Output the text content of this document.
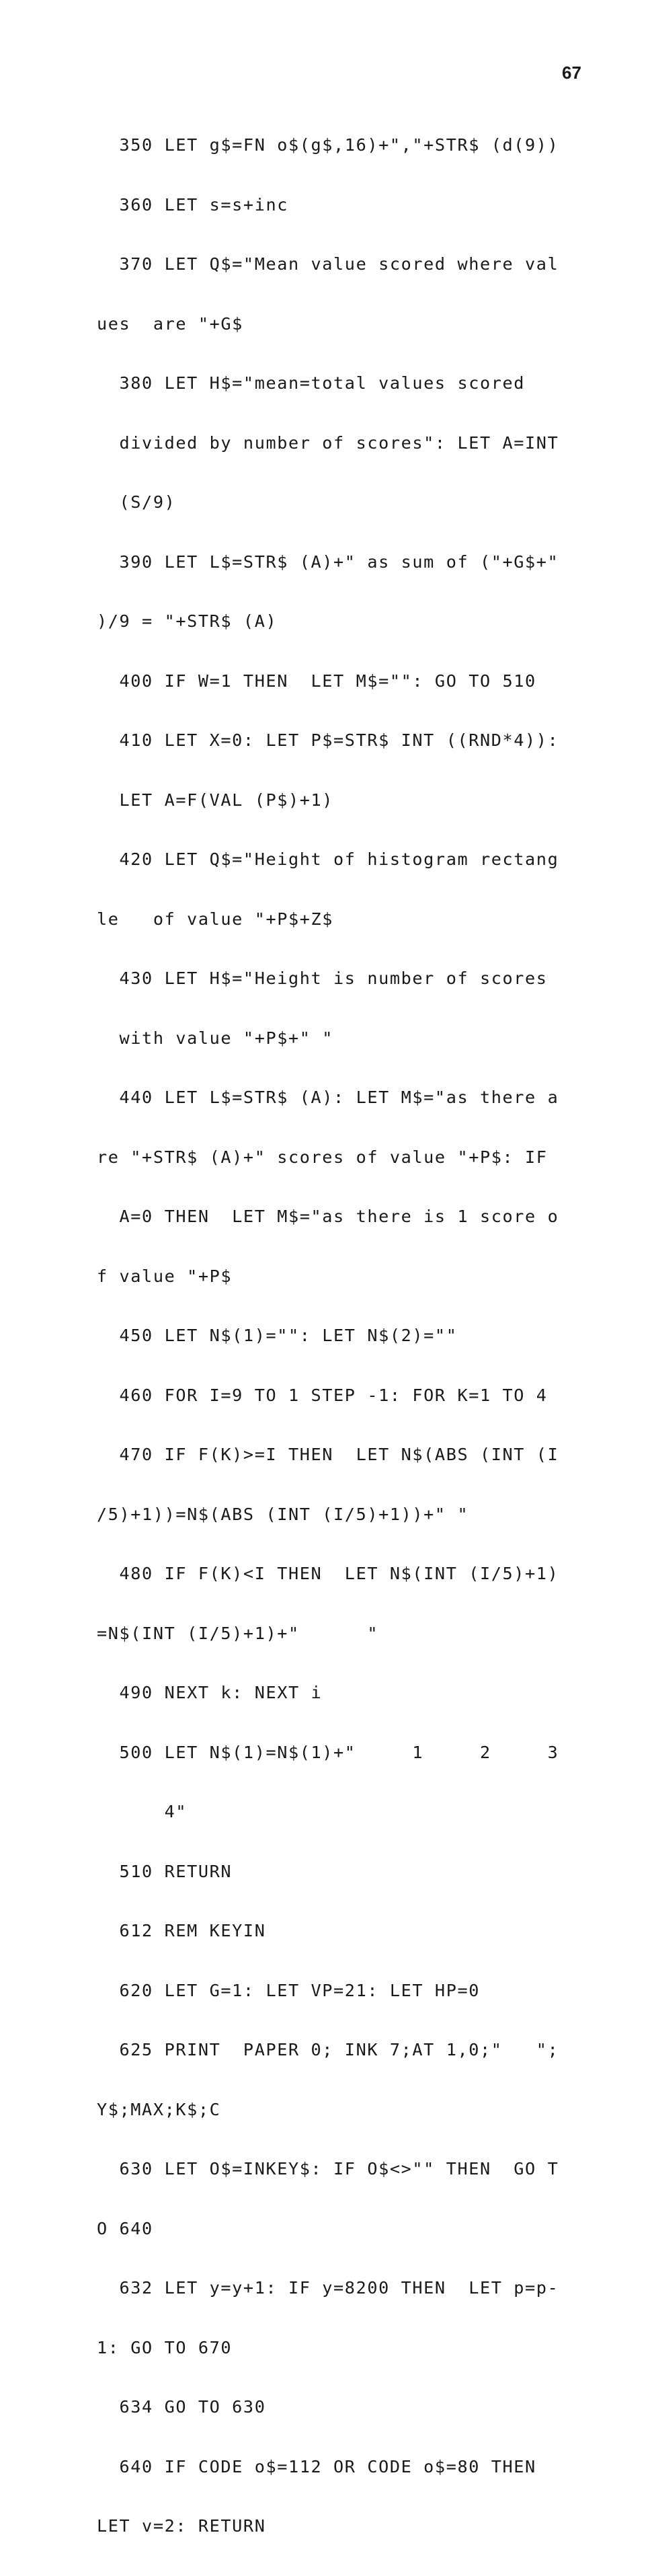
67

350 LET g$=FN o$(g$,16)+","+STR$ (d(9))

360 LET s=s+inc

370 LET Q$="Mean value scored where val

ues  are "+G$

380 LET H$="mean=total values scored

divided by number of scores": LET A=INT

(S/9)

390 LET L$=STR$ (A)+" as sum of ("+G$+"

)/9 = "+STR$ (A)

400 IF W=1 THEN  LET M$="": GO TO 510

410 LET X=0: LET P$=STR$ INT ((RND*4)):

LET A=F(VAL (P$)+1)

420 LET Q$="Height of histogram rectang

le   of value "+P$+Z$

430 LET H$="Height is number of scores

with value "+P$+" "

440 LET L$=STR$ (A): LET M$="as there a

re "+STR$ (A)+" scores of value "+P$: IF

A=0 THEN  LET M$="as there is 1 score o

f value "+P$

450 LET N$(1)="": LET N$(2)=""

460 FOR I=9 TO 1 STEP -1: FOR K=1 TO 4

470 IF F(K)>=I THEN  LET N$(ABS (INT (I

/5)+1))=N$(ABS (INT (I/5)+1))+" "

480 IF F(K)<I THEN  LET N$(INT (I/5)+1)

=N$(INT (I/5)+1)+"      "

490 NEXT k: NEXT i

500 LET N$(1)=N$(1)+"     1     2     3

4"

510 RETURN

612 REM KEYIN

620 LET G=1: LET VP=21: LET HP=0

625 PRINT  PAPER 0; INK 7;AT 1,0;"   ";

Y$;MAX;K$;C

630 LET O$=INKEY$: IF O$<>"" THEN  GO T

O 640

632 LET y=y+1: IF y=8200 THEN  LET p=p-

1: GO TO 670

634 GO TO 630

640 IF CODE o$=112 OR CODE o$=80 THEN

LET v=2: RETURN
